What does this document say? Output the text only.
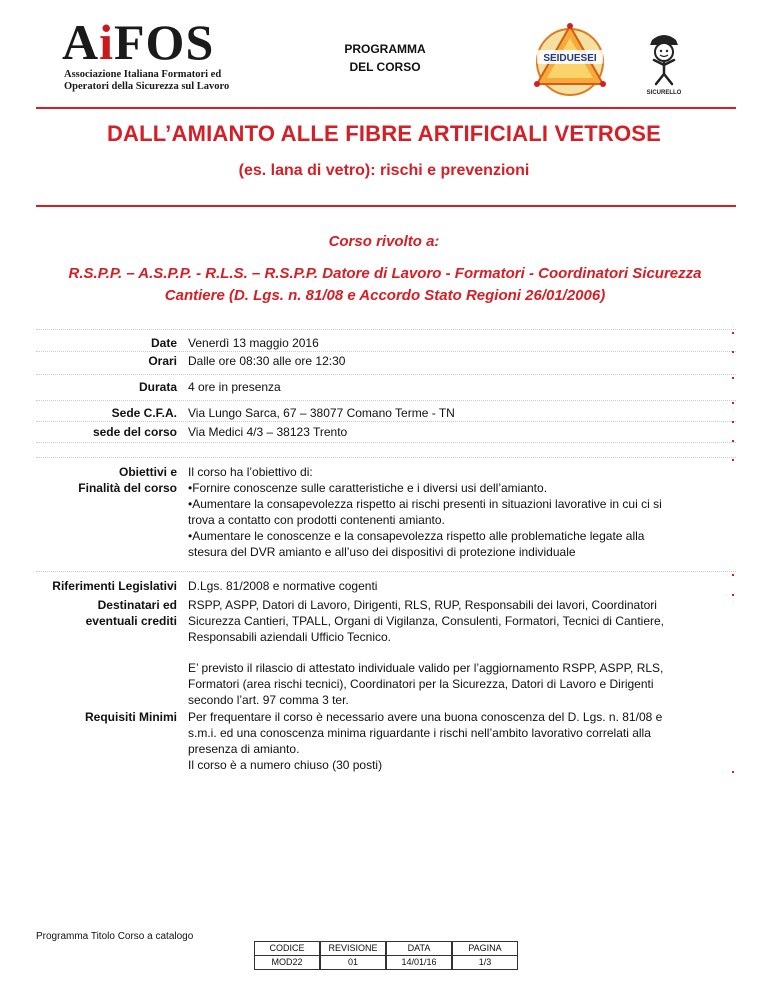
AiFOS
Associazione Italiana Formatori ed
Operatori della Sicurezza sul Lavoro
PROGRAMMA
DEL CORSO
SEIDUESEI
SICURELLO
DALL’AMIANTO ALLE FIBRE ARTIFICIALI VETROSE
(es. lana di vetro): rischi e prevenzioni
Corso rivolto a:
R.S.P.P. – A.S.P.P. - R.L.S. – R.S.P.P. Datore di Lavoro - Formatori - Coordinatori Sicurezza
Cantiere (D. Lgs. n. 81/08 e Accordo Stato Regioni 26/01/2006)
Date Venerdì 13 maggio 2016
Orari Dalle ore 08:30 alle ore 12:30
Durata 4 ore in presenza
Sede C.F.A. Via Lungo Sarca, 67 – 38077 Comano Terme - TN
sede del corso Via Medici 4/3 – 38123 Trento
Obiettivi e
Finalità del corso
Il corso ha l’obiettivo di:
•Fornire conoscenze sulle caratteristiche e i diversi usi dell’amianto.
•Aumentare la consapevolezza rispetto ai rischi presenti in situazioni lavorative in cui ci si
trova a contatto con prodotti contenenti amianto.
•Aumentare le conoscenze e la consapevolezza rispetto alle problematiche legate alla
stesura del DVR amianto e all’uso dei dispositivi di protezione individuale
Riferimenti Legislativi D.Lgs. 81/2008 e normative cogenti
Destinatari ed
eventuali crediti
RSPP, ASPP, Datori di Lavoro, Dirigenti, RLS, RUP, Responsabili dei lavori, Coordinatori
Sicurezza Cantieri, TPALL, Organi di Vigilanza, Consulenti, Formatori, Tecnici di Cantiere,
Responsabili aziendali Ufficio Tecnico.
E’ previsto il rilascio di attestato individuale valido per l’aggiornamento RSPP, ASPP, RLS,
Formatori (area rischi tecnici), Coordinatori per la Sicurezza, Datori di Lavoro e Dirigenti
secondo l’art. 97 comma 3 ter.
Requisiti Minimi Per frequentare il corso è necessario avere una buona conoscenza del D. Lgs. n. 81/08 e
s.m.i. ed una conoscenza minima riguardante i rischi nell’ambito lavorativo correlati alla
presenza di amianto.
Il corso è a numero chiuso (30 posti)
Programma Titolo Corso a catalogo
CODICE		REVISIONE		DATA		PAGINA
MOD22		01		14/01/16		1/3
